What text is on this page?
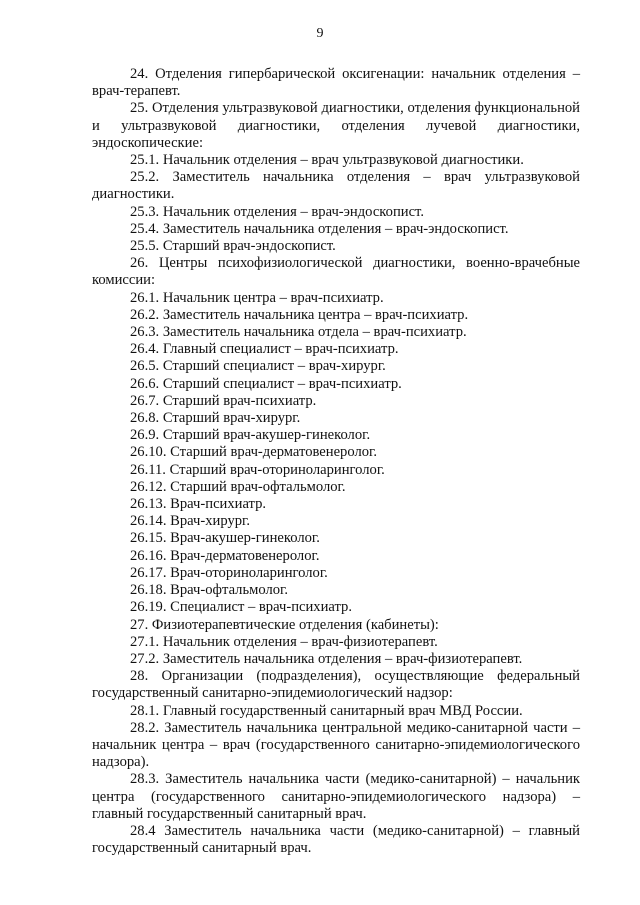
9

24. Отделения гипербарической оксигенации: начальник отделения – врач-терапевт.

25. Отделения ультразвуковой диагностики, отделения функциональной и ультразвуковой диагностики, отделения лучевой диагностики, эндоскопические:

25.1. Начальник отделения – врач ультразвуковой диагностики.

25.2. Заместитель начальника отделения – врач ультразвуковой диагностики.

25.3. Начальник отделения – врач-эндоскопист.

25.4. Заместитель начальника отделения – врач-эндоскопист.

25.5. Старший врач-эндоскопист.

26. Центры психофизиологической диагностики, военно-врачебные комиссии:

26.1. Начальник центра – врач-психиатр.

26.2. Заместитель начальника центра – врач-психиатр.

26.3. Заместитель начальника отдела – врач-психиатр.

26.4. Главный специалист – врач-психиатр.

26.5. Старший специалист – врач-хирург.

26.6. Старший специалист – врач-психиатр.

26.7. Старший врач-психиатр.

26.8. Старший врач-хирург.

26.9. Старший врач-акушер-гинеколог.

26.10. Старший врач-дерматовенеролог.

26.11. Старший врач-оториноларинголог.

26.12. Старший врач-офтальмолог.

26.13. Врач-психиатр.

26.14. Врач-хирург.

26.15. Врач-акушер-гинеколог.

26.16. Врач-дерматовенеролог.

26.17. Врач-оториноларинголог.

26.18. Врач-офтальмолог.

26.19. Специалист – врач-психиатр.

27. Физиотерапевтические отделения (кабинеты):

27.1. Начальник отделения – врач-физиотерапевт.

27.2. Заместитель начальника отделения – врач-физиотерапевт.

28. Организации (подразделения), осуществляющие федеральный государственный санитарно-эпидемиологический надзор:

28.1. Главный государственный санитарный врач МВД России.

28.2. Заместитель начальника центральной медико-санитарной части – начальник центра – врач (государственного санитарно-эпидемиологического надзора).

28.3. Заместитель начальника части (медико-санитарной) – начальник центра (государственного санитарно-эпидемиологического надзора) – главный государственный санитарный врач.

28.4 Заместитель начальника части (медико-санитарной) – главный государственный санитарный врач.
